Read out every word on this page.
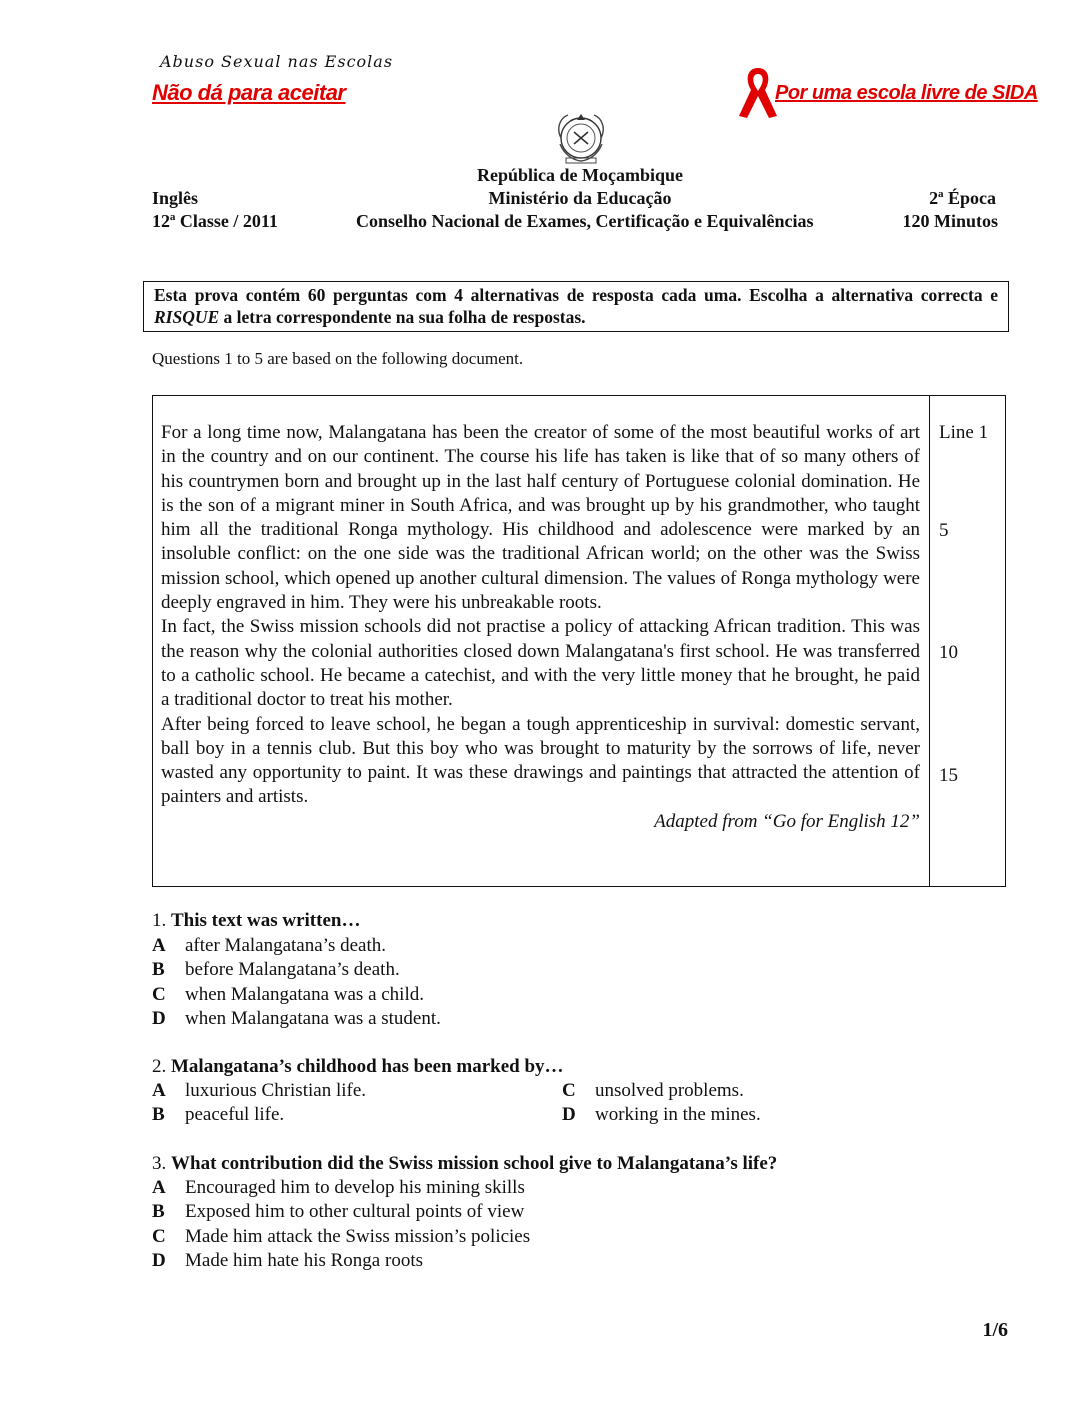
Abuso Sexual nas Escolas
Não dá para aceitar	Por uma escola livre de SIDA
República de Moçambique
Inglês	Ministério da Educação	2ª Época
12ª Classe / 2011	Conselho Nacional de Exames, Certificação e Equivalências	120 Minutos
Esta prova contém 60 perguntas com 4 alternativas de resposta cada uma. Escolha a alternativa correcta e RISQUE a letra correspondente na sua folha de respostas.
Questions 1 to 5 are based on the following document.

For a long time now, Malangatana has been the creator of some of the most beautiful works of art in the country and on our continent. The course his life has taken is like that of so many others of his countrymen born and brought up in the last half century of Portuguese colonial domination. He is the son of a migrant miner in South Africa, and was brought up by his grandmother, who taught him all the traditional Ronga mythology. His childhood and adolescence were marked by an insoluble conflict: on the one side was the traditional African world; on the other was the Swiss mission school, which opened up another cultural dimension. The values of Ronga mythology were deeply engraved in him. They were his unbreakable roots.

In fact, the Swiss mission schools did not practise a policy of attacking African tradition. This was the reason why the colonial authorities closed down Malangatana's first school. He was transferred to a catholic school. He became a catechist, and with the very little money that he brought, he paid a traditional doctor to treat his mother.

After being forced to leave school, he began a tough apprenticeship in survival: domestic servant, ball boy in a tennis club. But this boy who was brought to maturity by the sorrows of life, never wasted any opportunity to paint. It was these drawings and paintings that attracted the attention of painters and artists.

Adapted from “Go for English 12”

Line 1
5
10
15
1. This text was written…
A after Malangatana’s death.
B before Malangatana’s death.
C when Malangatana was a child.
D when Malangatana was a student.
2. Malangatana’s childhood has been marked by…
A luxurious Christian life.
B peaceful life.
C unsolved problems.
D working in the mines.
3. What contribution did the Swiss mission school give to Malangatana’s life?
A Encouraged him to develop his mining skills
B Exposed him to other cultural points of view
C Made him attack the Swiss mission’s policies
D Made him hate his Ronga roots
1/6
